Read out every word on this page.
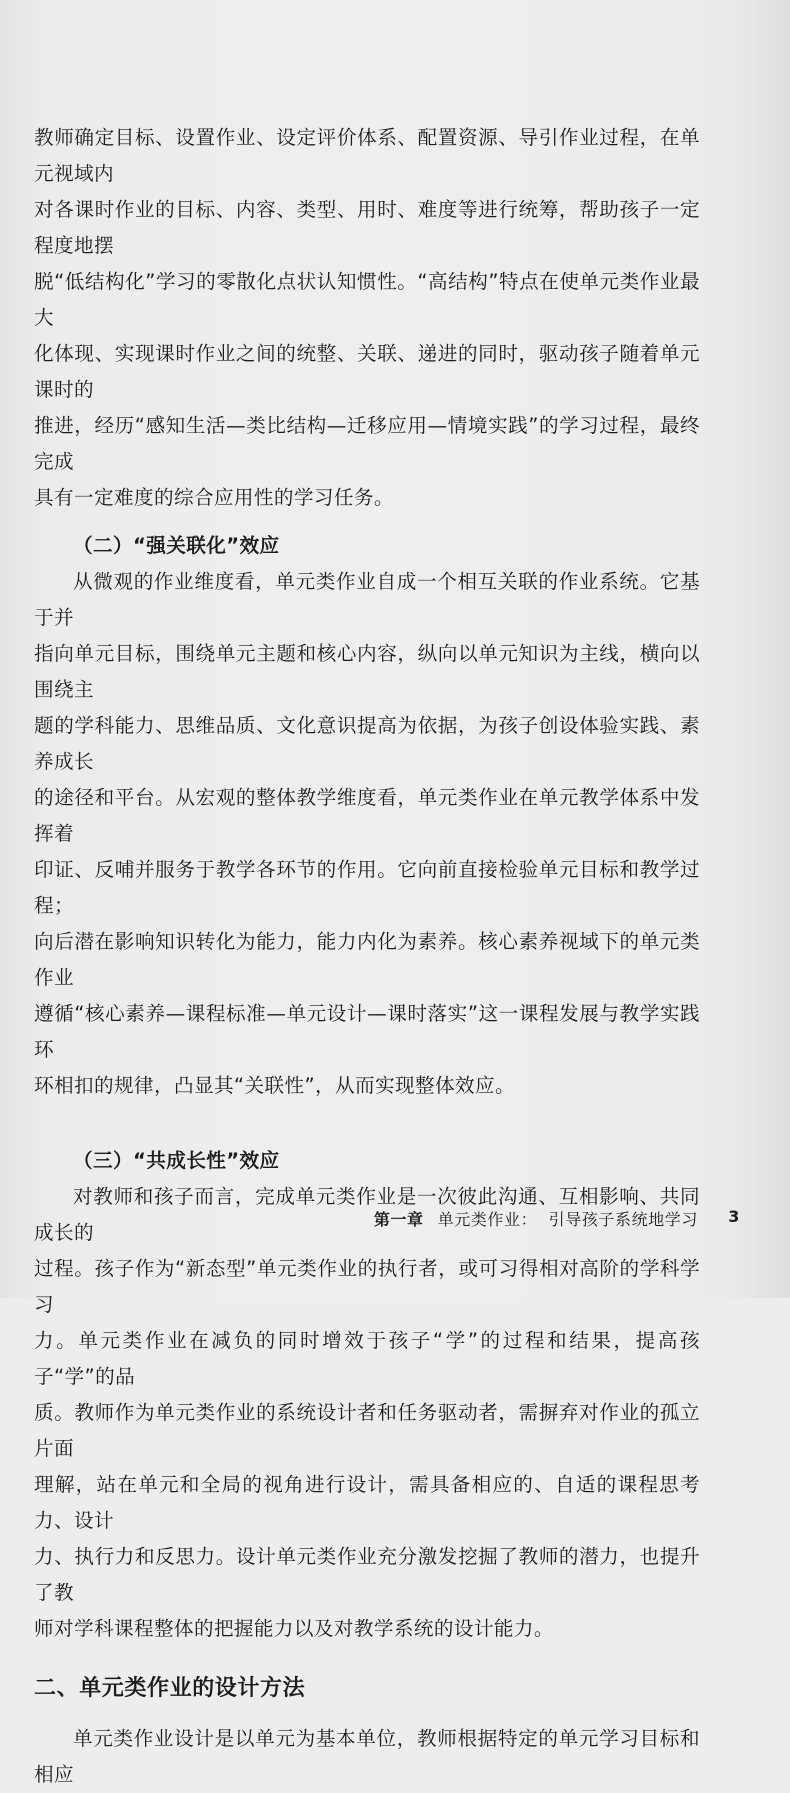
教师确定目标、设置作业、设定评价体系、配置资源、导引作业过程，在单元视域内
对各课时作业的目标、内容、类型、用时、难度等进行统筹，帮助孩子一定程度地摆
脱“低结构化”学习的零散化点状认知惯性。“高结构”特点在使单元类作业最大
化体现、实现课时作业之间的统整、关联、递进的同时，驱动孩子随着单元课时的
推进，经历“感知生活—类比结构—迁移应用—情境实践”的学习过程，最终完成
具有一定难度的综合应用性的学习任务。

（二）“强关联化”效应

从微观的作业维度看，单元类作业自成一个相互关联的作业系统。它基于并
指向单元目标，围绕单元主题和核心内容，纵向以单元知识为主线，横向以围绕主
题的学科能力、思维品质、文化意识提高为依据，为孩子创设体验实践、素养成长
的途径和平台。从宏观的整体教学维度看，单元类作业在单元教学体系中发挥着
印证、反哺并服务于教学各环节的作用。它向前直接检验单元目标和教学过程；
向后潜在影响知识转化为能力，能力内化为素养。核心素养视域下的单元类作业
遵循“核心素养—课程标准—单元设计—课时落实”这一课程发展与教学实践环
环相扣的规律，凸显其“关联性”，从而实现整体效应。

（三）“共成长性”效应

对教师和孩子而言，完成单元类作业是一次彼此沟通、互相影响、共同成长的
过程。孩子作为“新态型”单元类作业的执行者，或可习得相对高阶的学科学习
力。单元类作业在减负的同时增效于孩子“学”的过程和结果，提高孩子“学”的品
质。教师作为单元类作业的系统设计者和任务驱动者，需摒弃对作业的孤立片面
理解，站在单元和全局的视角进行设计，需具备相应的、自适的课程思考力、设计
力、执行力和反思力。设计单元类作业充分激发挖掘了教师的潜力，也提升了教
师对学科课程整体的把握能力以及对教学系统的设计能力。

二、单元类作业的设计方法

单元类作业设计是以单元为基本单位，教师根据特定的单元学习目标和相应

第一章 单元类作业：  引导孩子系统地学习 3
